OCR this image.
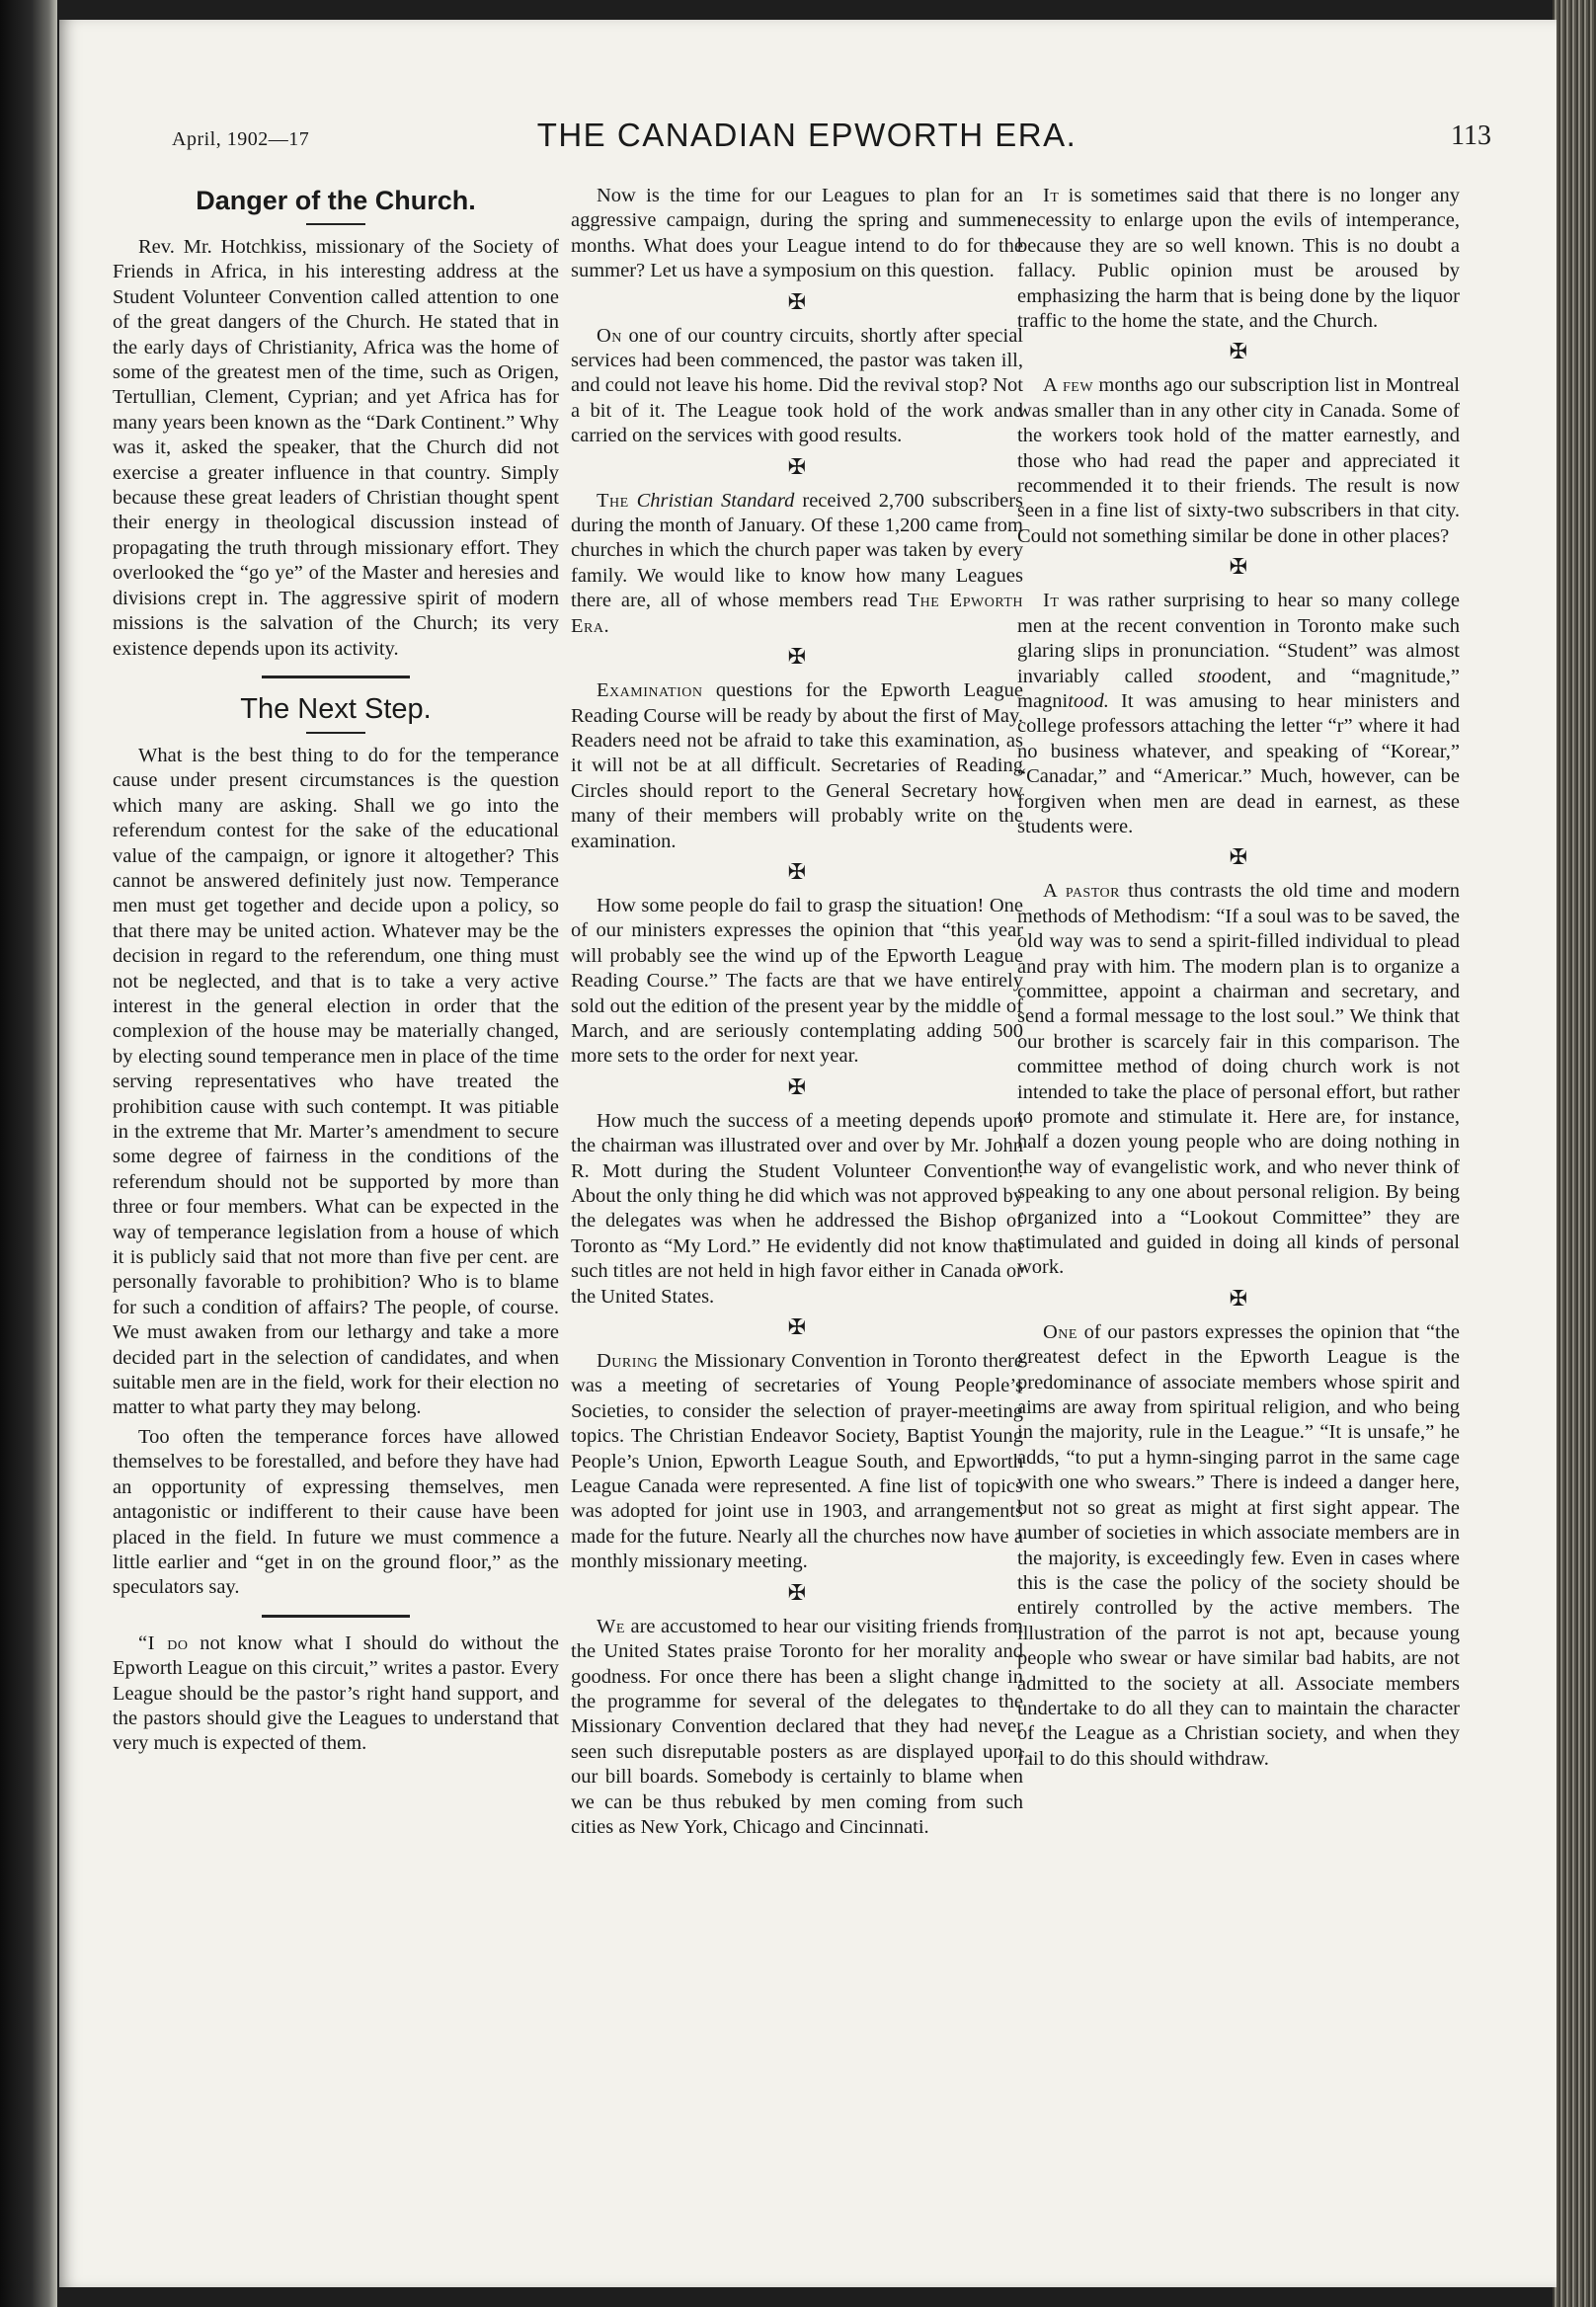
April, 1902—17	THE CANADIAN EPWORTH ERA.	113
Danger of the Church.

Rev. Mr. Hotchkiss, missionary of the Society of Friends in Africa, in his interesting address at the Student Volunteer Convention called attention to one of the great dangers of the Church. He stated that in the early days of Christianity, Africa was the home of some of the greatest men of the time, such as Origen, Tertullian, Clement, Cyprian; and yet Africa has for many years been known as the “Dark Continent.” Why was it, asked the speaker, that the Church did not exercise a greater influence in that country. Simply because these great leaders of Christian thought spent their energy in theological discussion instead of propagating the truth through missionary effort. They overlooked the “go ye” of the Master and heresies and divisions crept in. The aggressive spirit of modern missions is the salvation of the Church; its very existence depends upon its activity.

The Next Step.

What is the best thing to do for the temperance cause under present circumstances is the question which many are asking. Shall we go into the referendum contest for the sake of the educational value of the campaign, or ignore it altogether? This cannot be answered definitely just now. Temperance men must get together and decide upon a policy, so that there may be united action. Whatever may be the decision in regard to the referendum, one thing must not be neglected, and that is to take a very active interest in the general election in order that the complexion of the house may be materially changed, by electing sound temperance men in place of the time serving representatives who have treated the prohibition cause with such contempt. It was pitiable in the extreme that Mr. Marter’s amendment to secure some degree of fairness in the conditions of the referendum should not be supported by more than three or four members. What can be expected in the way of temperance legislation from a house of which it is publicly said that not more than five per cent. are personally favorable to prohibition? Who is to blame for such a condition of affairs? The people, of course. We must awaken from our lethargy and take a more decided part in the selection of candidates, and when suitable men are in the field, work for their election no matter to what party they may belong.

Too often the temperance forces have allowed themselves to be forestalled, and before they have had an opportunity of expressing themselves, men antagonistic or indifferent to their cause have been placed in the field. In future we must commence a little earlier and “get in on the ground floor,” as the speculators say.

“I do not know what I should do without the Epworth League on this circuit,” writes a pastor. Every League should be the pastor’s right hand support, and the pastors should give the Leagues to understand that very much is expected of them.

Now is the time for our Leagues to plan for an aggressive campaign, during the spring and summer months. What does your League intend to do for the summer? Let us have a symposium on this question.

✠

On one of our country circuits, shortly after special services had been commenced, the pastor was taken ill, and could not leave his home. Did the revival stop? Not a bit of it. The League took hold of the work and carried on the services with good results.

✠

The Christian Standard received 2,700 subscribers during the month of January. Of these 1,200 came from churches in which the church paper was taken by every family. We would like to know how many Leagues there are, all of whose members read The Epworth Era.

✠

Examination questions for the Epworth League Reading Course will be ready by about the first of May. Readers need not be afraid to take this examination, as it will not be at all difficult. Secretaries of Reading Circles should report to the General Secretary how many of their members will probably write on the examination.

✠

How some people do fail to grasp the situation! One of our ministers expresses the opinion that “this year will probably see the wind up of the Epworth League Reading Course.” The facts are that we have entirely sold out the edition of the present year by the middle of March, and are seriously contemplating adding 500 more sets to the order for next year.

✠

How much the success of a meeting depends upon the chairman was illustrated over and over by Mr. John R. Mott during the Student Volunteer Convention. About the only thing he did which was not approved by the delegates was when he addressed the Bishop of Toronto as “My Lord.” He evidently did not know that such titles are not held in high favor either in Canada or the United States.

✠

During the Missionary Convention in Toronto there was a meeting of secretaries of Young People’s Societies, to consider the selection of prayer-meeting topics. The Christian Endeavor Society, Baptist Young People’s Union, Epworth League South, and Epworth League Canada were represented. A fine list of topics was adopted for joint use in 1903, and arrangements made for the future. Nearly all the churches now have a monthly missionary meeting.

✠

We are accustomed to hear our visiting friends from the United States praise Toronto for her morality and goodness. For once there has been a slight change in the programme for several of the delegates to the Missionary Convention declared that they had never seen such disreputable posters as are displayed upon our bill boards. Somebody is certainly to blame when we can be thus rebuked by men coming from such cities as New York, Chicago and Cincinnati.

It is sometimes said that there is no longer any necessity to enlarge upon the evils of intemperance, because they are so well known. This is no doubt a fallacy. Public opinion must be aroused by emphasizing the harm that is being done by the liquor traffic to the home the state, and the Church.

✠

A few months ago our subscription list in Montreal was smaller than in any other city in Canada. Some of the workers took hold of the matter earnestly, and those who had read the paper and appreciated it recommended it to their friends. The result is now seen in a fine list of sixty-two subscribers in that city. Could not something similar be done in other places?

✠

It was rather surprising to hear so many college men at the recent convention in Toronto make such glaring slips in pronunciation. “Student” was almost invariably called stoodent, and “magnitude,” magnitood. It was amusing to hear ministers and college professors attaching the letter “r” where it had no business whatever, and speaking of “Korear,” “Canadar,” and “Americar.” Much, however, can be forgiven when men are dead in earnest, as these students were.

✠

A pastor thus contrasts the old time and modern methods of Methodism: “If a soul was to be saved, the old way was to send a spirit-filled individual to plead and pray with him. The modern plan is to organize a committee, appoint a chairman and secretary, and send a formal message to the lost soul.” We think that our brother is scarcely fair in this comparison. The committee method of doing church work is not intended to take the place of personal effort, but rather to promote and stimulate it. Here are, for instance, half a dozen young people who are doing nothing in the way of evangelistic work, and who never think of speaking to any one about personal religion. By being organized into a “Lookout Committee” they are stimulated and guided in doing all kinds of personal work.

✠

One of our pastors expresses the opinion that “the greatest defect in the Epworth League is the predominance of associate members whose spirit and aims are away from spiritual religion, and who being in the majority, rule in the League.” “It is unsafe,” he adds, “to put a hymn-singing parrot in the same cage with one who swears.” There is indeed a danger here, but not so great as might at first sight appear. The number of societies in which associate members are in the majority, is exceedingly few. Even in cases where this is the case the policy of the society should be entirely controlled by the active members. The illustration of the parrot is not apt, because young people who swear or have similar bad habits, are not admitted to the society at all. Associate members undertake to do all they can to maintain the character of the League as a Christian society, and when they fail to do this should withdraw.
